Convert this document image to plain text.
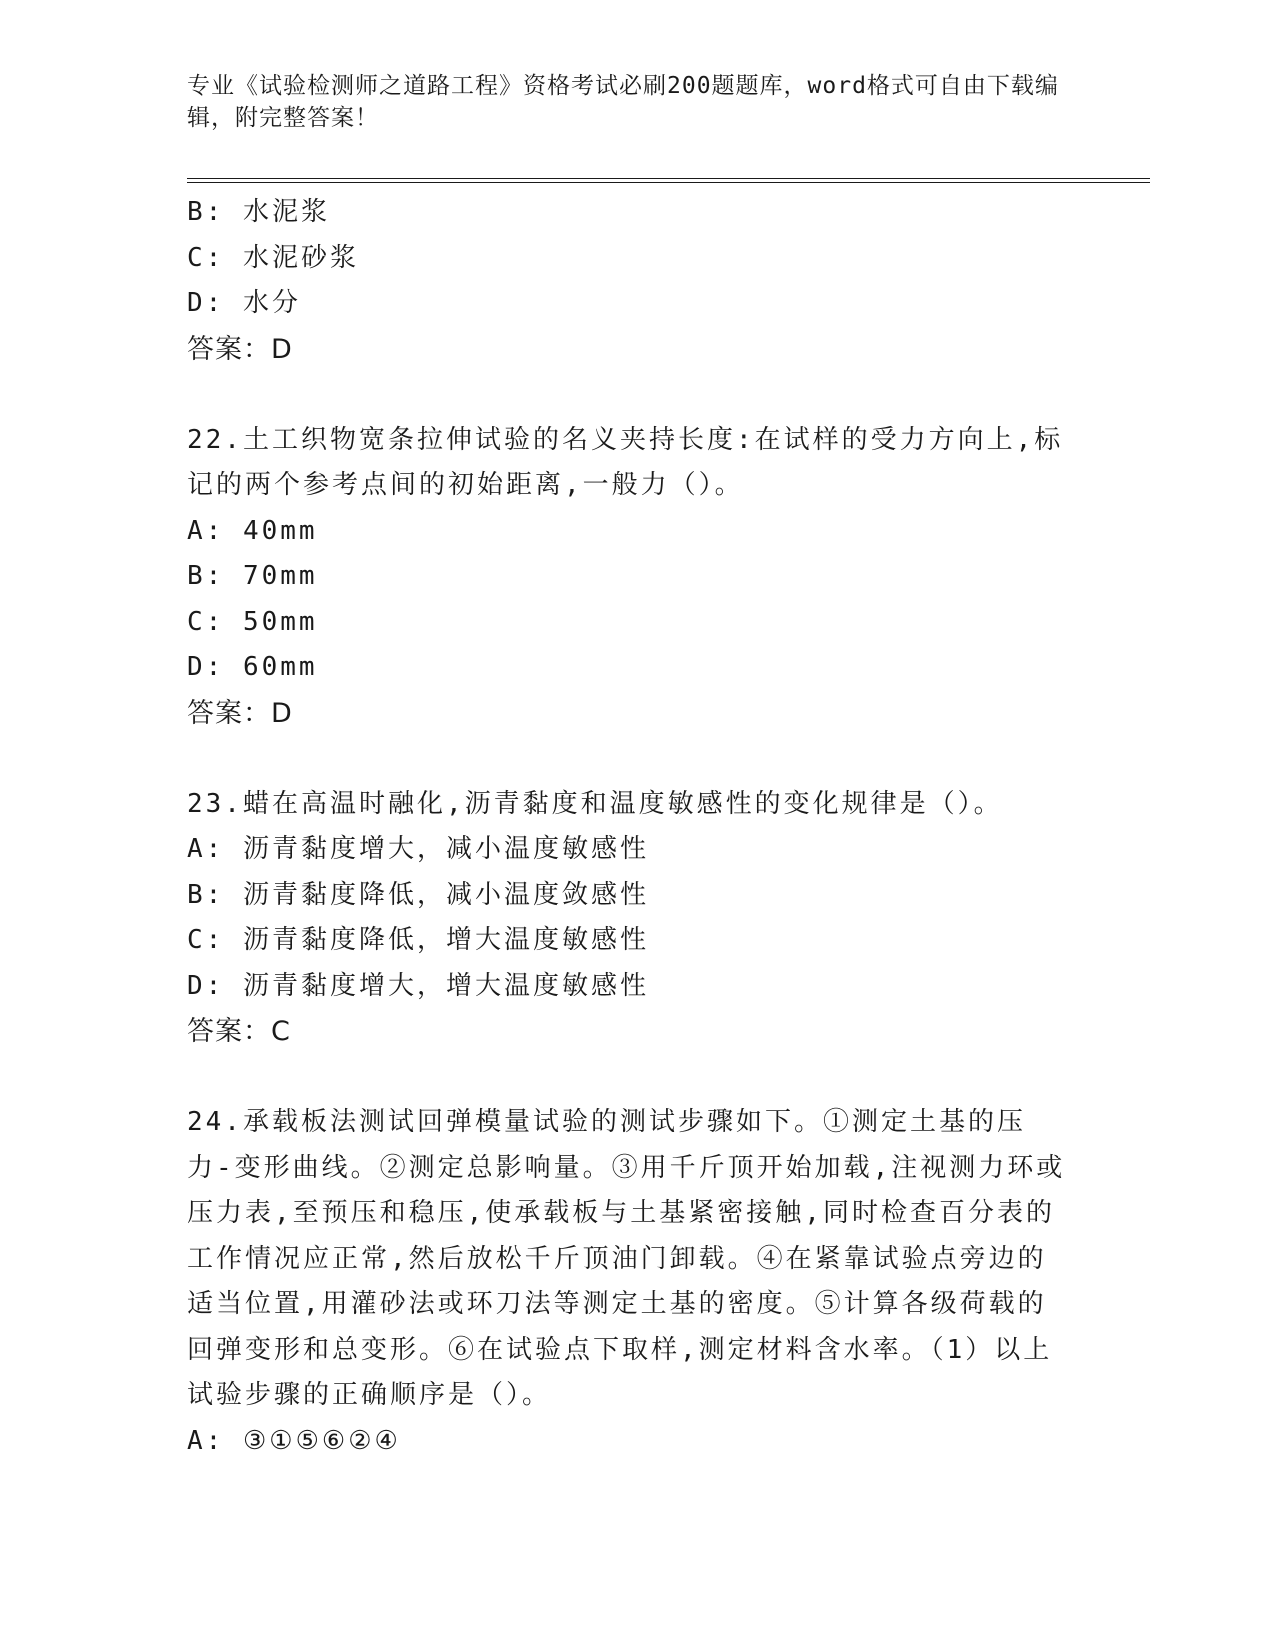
专业《试验检测师之道路工程》资格考试必刷200题题库，word格式可自由下载编辑，附完整答案！
B: 水泥浆
C: 水泥砂浆
D: 水分
答案：D
22.土工织物宽条拉伸试验的名义夹持长度:在试样的受力方向上,标记的两个参考点间的初始距离,一般力（）。
A: 40mm
B: 70mm
C: 50mm
D: 60mm
答案：D
23.蜡在高温时融化,沥青黏度和温度敏感性的变化规律是（）。
A: 沥青黏度增大，减小温度敏感性
B: 沥青黏度降低，减小温度敛感性
C: 沥青黏度降低，增大温度敏感性
D: 沥青黏度增大，增大温度敏感性
答案：C
24.承载板法测试回弹模量试验的测试步骤如下。①测定土基的压力-变形曲线。②测定总影响量。③用千斤顶开始加载,注视测力环或压力表,至预压和稳压,使承载板与土基紧密接触,同时检查百分表的工作情况应正常,然后放松千斤顶油门卸载。④在紧靠试验点旁边的适当位置,用灌砂法或环刀法等测定土基的密度。⑤计算各级荷载的回弹变形和总变形。⑥在试验点下取样,测定材料含水率。（1）以上试验步骤的正确顺序是（）。
A: ③①⑤⑥②④
